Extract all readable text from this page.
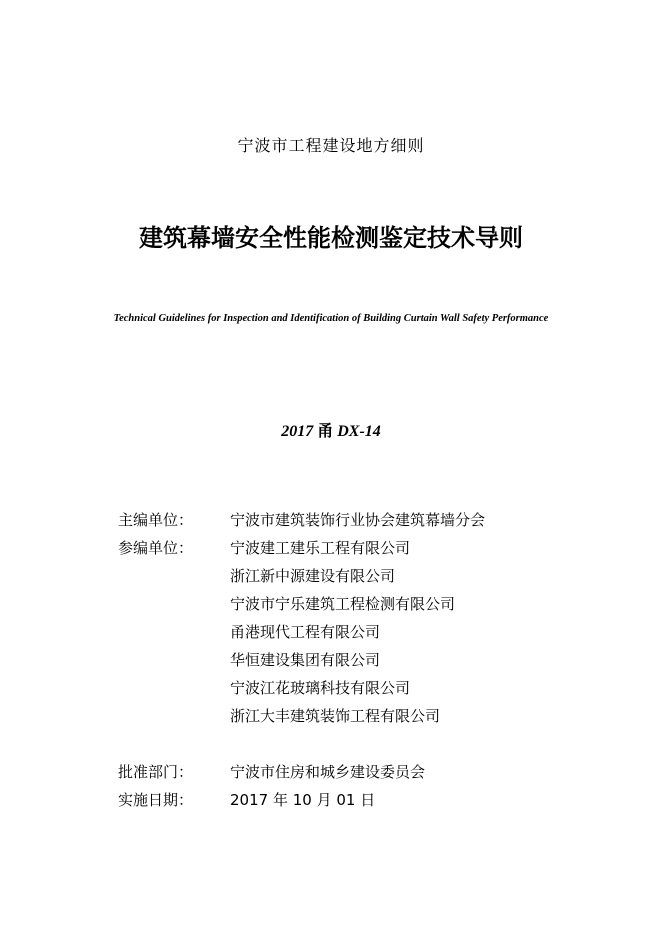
宁波市工程建设地方细则
建筑幕墙安全性能检测鉴定技术导则
Technical Guidelines for Inspection and Identification of Building Curtain Wall Safety Performance
2017 甬 DX-14
主编单位：	宁波市建筑装饰行业协会建筑幕墙分会
参编单位：	宁波建工建乐工程有限公司
浙江新中源建设有限公司
宁波市宁乐建筑工程检测有限公司
甬港现代工程有限公司
华恒建设集团有限公司
宁波江花玻璃科技有限公司
浙江大丰建筑装饰工程有限公司
批准部门：	宁波市住房和城乡建设委员会
实施日期：	2017 年 10 月 01 日
